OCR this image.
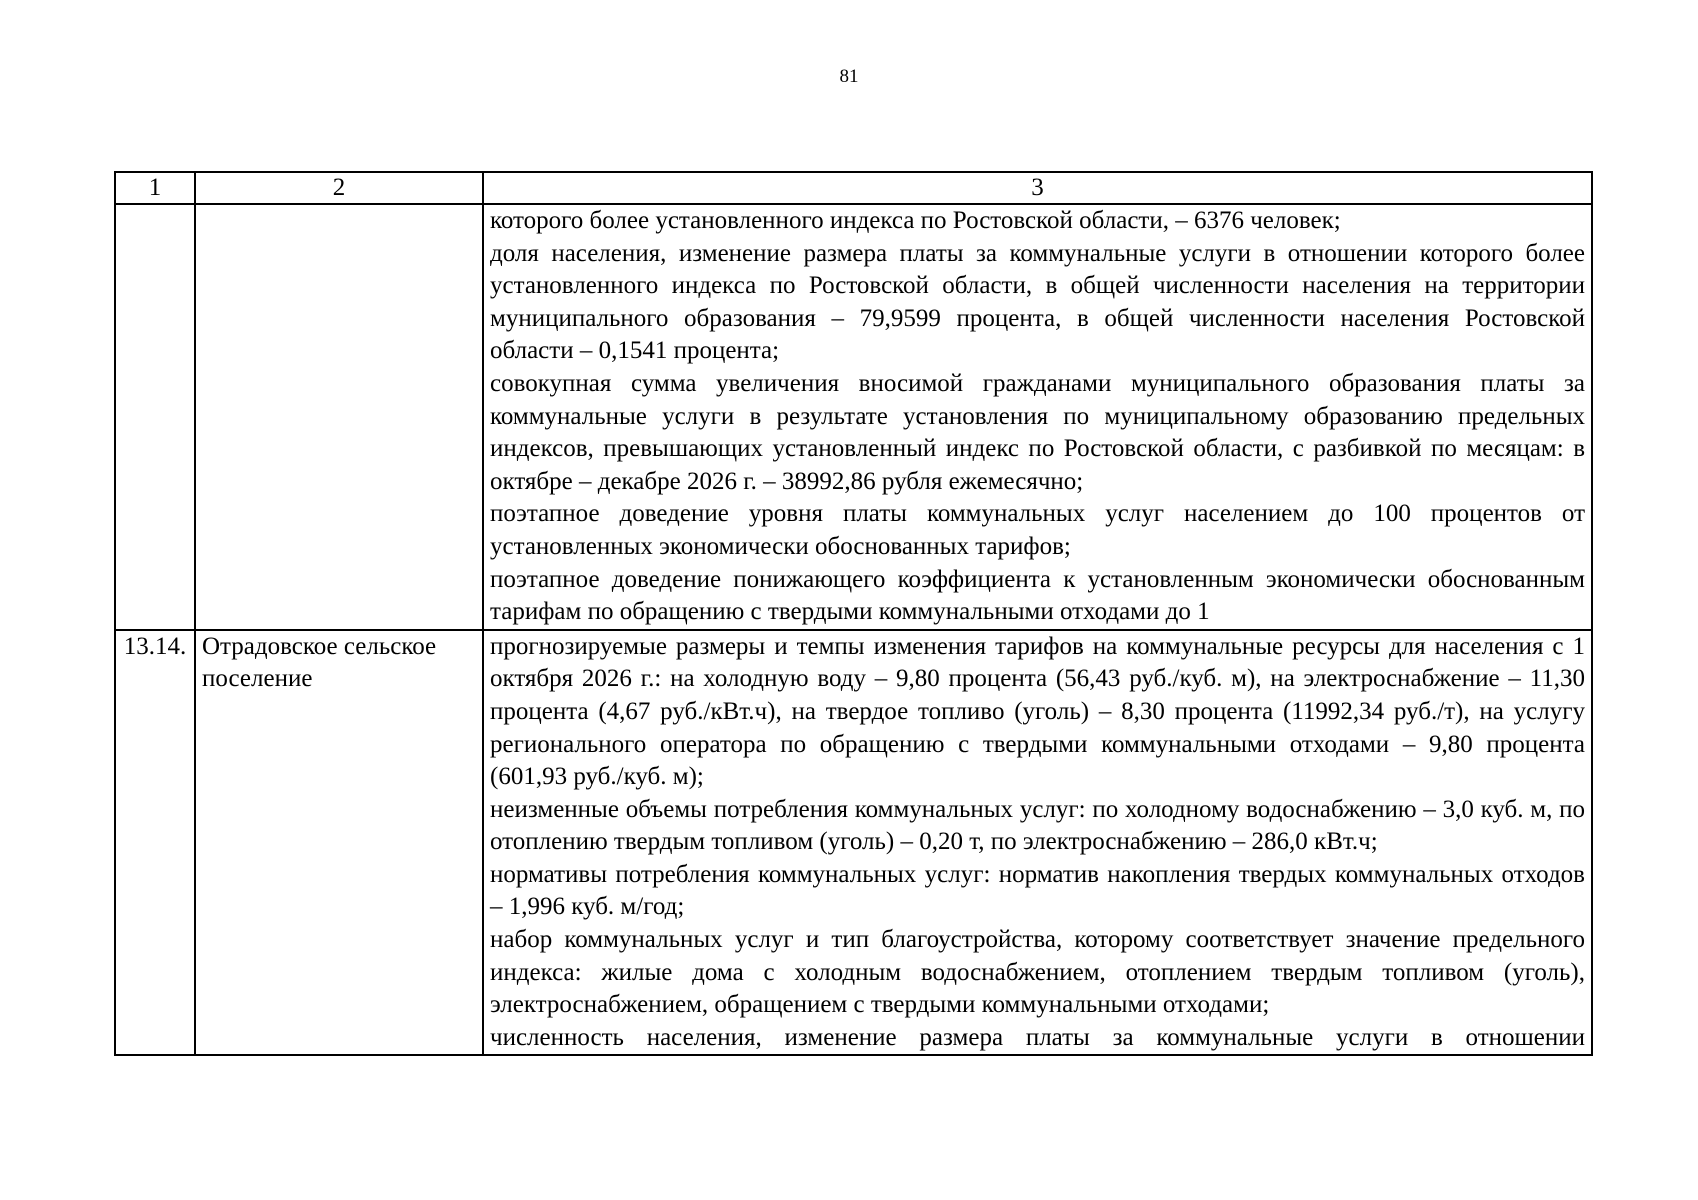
81
1	2	3

		которого более установленного индекса по Ростовской области, – 6376 человек;

доля населения, изменение размера платы за коммунальные услуги в отношении которого более установленного индекса по Ростовской области, в общей численности населения на территории муниципального образования – 79,9599 процента, в общей численности населения Ростовской области – 0,1541 процента;

совокупная сумма увеличения вносимой гражданами муниципального образования платы за коммунальные услуги в результате установления по муниципальному образованию предельных индексов, превышающих установленный индекс по Ростовской области, с разбивкой по месяцам: в октябре – декабре 2026 г. – 38992,86 рубля ежемесячно;

поэтапное доведение уровня платы коммунальных услуг населением до 100 процентов от установленных экономически обоснованных тарифов;

поэтапное доведение понижающего коэффициента к установленным экономически обоснованным тарифам по обращению с твердыми коммунальными отходами до 1

13.14.	Отрадовское сельское поселение	прогнозируемые размеры и темпы изменения тарифов на коммунальные ресурсы для населения с 1 октября 2026 г.: на холодную воду – 9,80 процента (56,43 руб./куб. м), на электроснабжение – 11,30 процента (4,67 руб./кВт.ч), на твердое топливо (уголь) – 8,30 процента (11992,34 руб./т), на услугу регионального оператора по обращению с твердыми коммунальными отходами – 9,80 процента (601,93 руб./куб. м);

неизменные объемы потребления коммунальных услуг: по холодному водоснабжению – 3,0 куб. м, по отоплению твердым топливом (уголь) – 0,20 т, по электроснабжению – 286,0 кВт.ч;

нормативы потребления коммунальных услуг: норматив накопления твердых коммунальных отходов – 1,996 куб. м/год;

набор коммунальных услуг и тип благоустройства, которому соответствует значение предельного индекса: жилые дома с холодным водоснабжением, отоплением твердым топливом (уголь), электроснабжением, обращением с твердыми коммунальными отходами;

численность населения, изменение размера платы за коммунальные услуги в отношении
